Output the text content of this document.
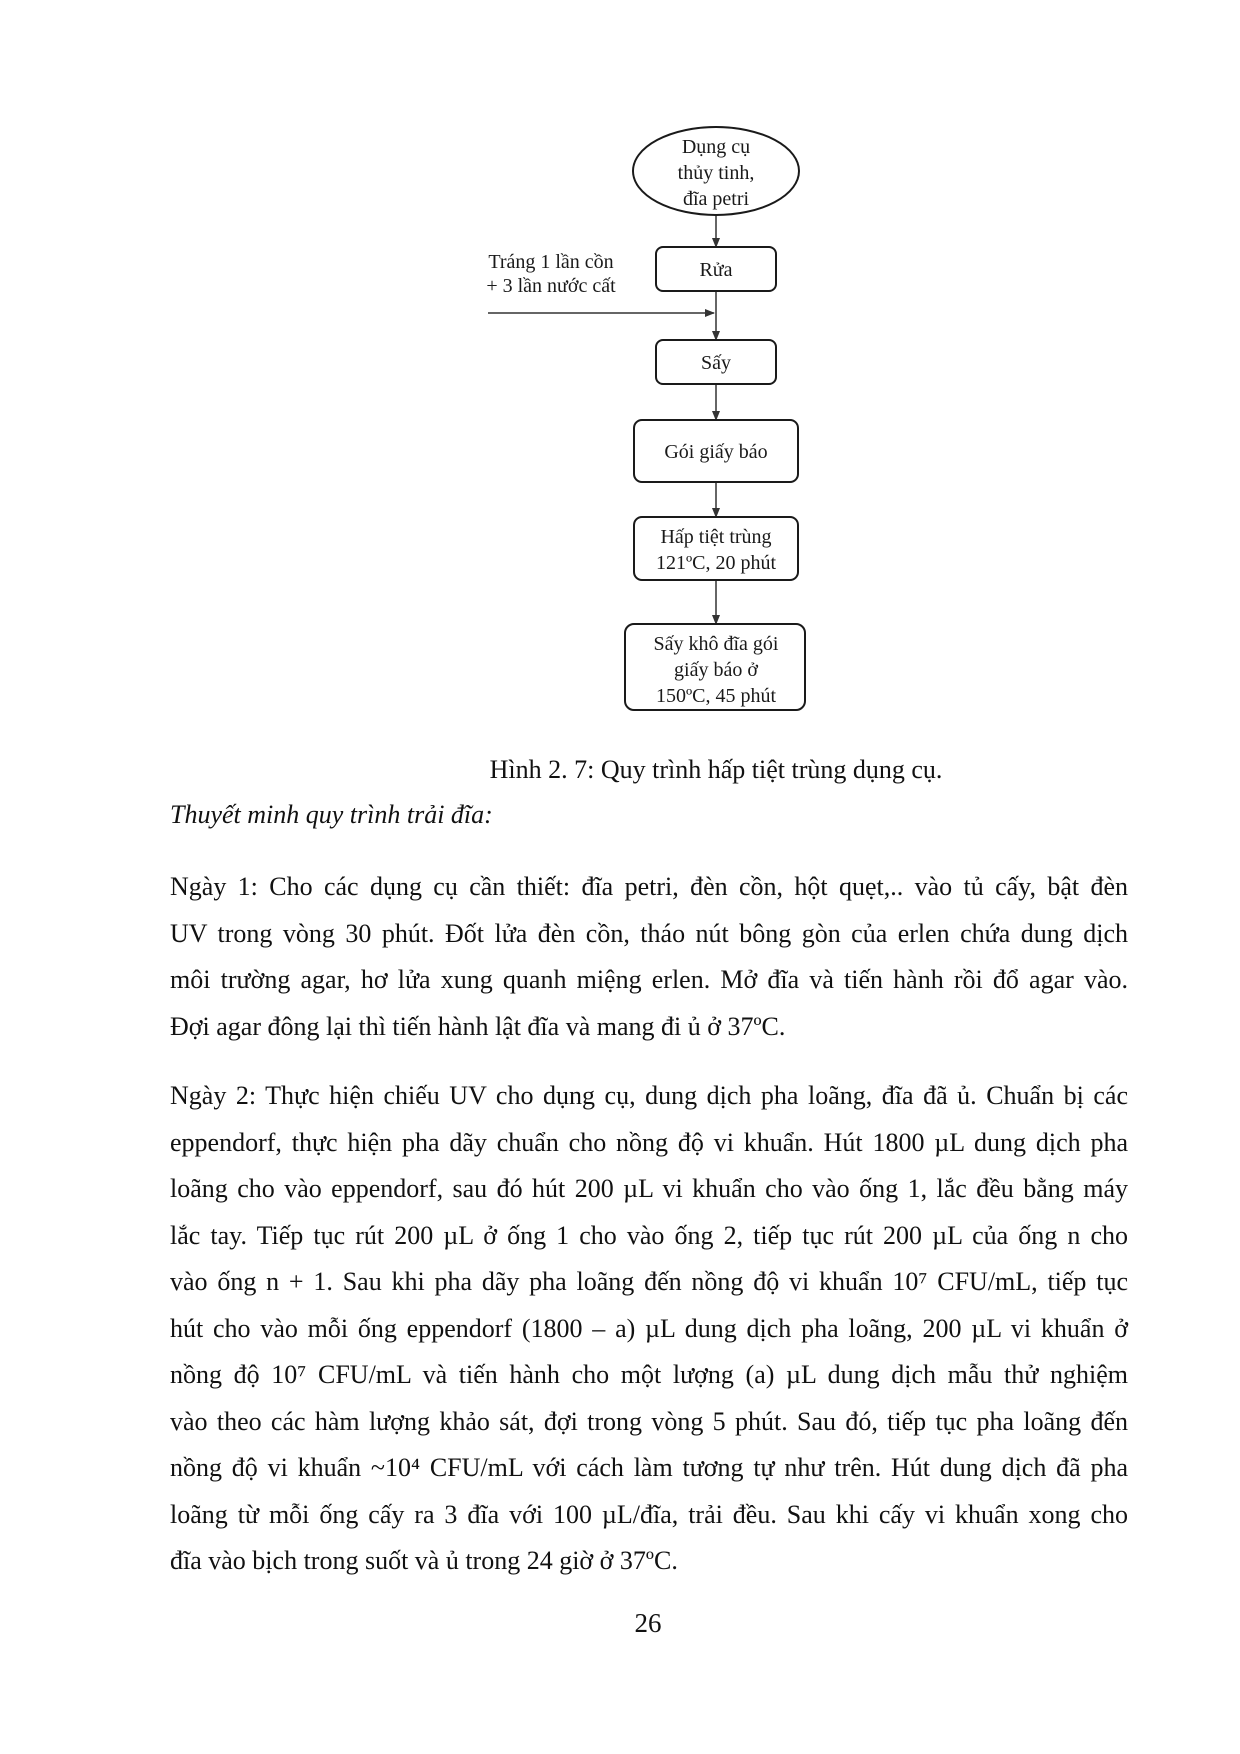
Dụng cụ
thủy tinh,
đĩa petri
Rửa
Tráng 1 lần cồn
+ 3 lần nước cất
Sấy
Gói giấy báo
Hấp tiệt trùng
121ºC, 20 phút
Sấy khô đĩa gói
giấy báo ở
150ºC, 45 phút
Hình 2. 7: Quy trình hấp tiệt trùng dụng cụ.
Thuyết minh quy trình trải đĩa:
Ngày 1: Cho các dụng cụ cần thiết: đĩa petri, đèn cồn, hột quẹt,.. vào tủ cấy, bật đèn
UV trong vòng 30 phút. Đốt lửa đèn cồn, tháo nút bông gòn của erlen chứa dung dịch
môi trường agar, hơ lửa xung quanh miệng erlen. Mở đĩa và tiến hành rồi đổ agar vào.
Đợi agar đông lại thì tiến hành lật đĩa và mang đi ủ ở 37ºC.
Ngày 2: Thực hiện chiếu UV cho dụng cụ, dung dịch pha loãng, đĩa đã ủ. Chuẩn bị các
eppendorf, thực hiện pha dãy chuẩn cho nồng độ vi khuẩn. Hút 1800 µL dung dịch pha
loãng cho vào eppendorf, sau đó hút 200 µL vi khuẩn cho vào ống 1, lắc đều bằng máy
lắc tay. Tiếp tục rút 200 µL ở ống 1 cho vào ống 2, tiếp tục rút 200 µL của ống n cho
vào ống n + 1. Sau khi pha dãy pha loãng đến nồng độ vi khuẩn 10⁷ CFU/mL, tiếp tục
hút cho vào mỗi ống eppendorf (1800 – a) µL dung dịch pha loãng, 200 µL vi khuẩn ở
nồng độ 10⁷ CFU/mL và tiến hành cho một lượng (a) µL dung dịch mẫu thử nghiệm
vào theo các hàm lượng khảo sát, đợi trong vòng 5 phút. Sau đó, tiếp tục pha loãng đến
nồng độ vi khuẩn ~10⁴ CFU/mL với cách làm tương tự như trên. Hút dung dịch đã pha
loãng từ mỗi ống cấy ra 3 đĩa với 100 µL/đĩa, trải đều. Sau khi cấy vi khuẩn xong cho
đĩa vào bịch trong suốt và ủ trong 24 giờ ở 37ºC.
26
